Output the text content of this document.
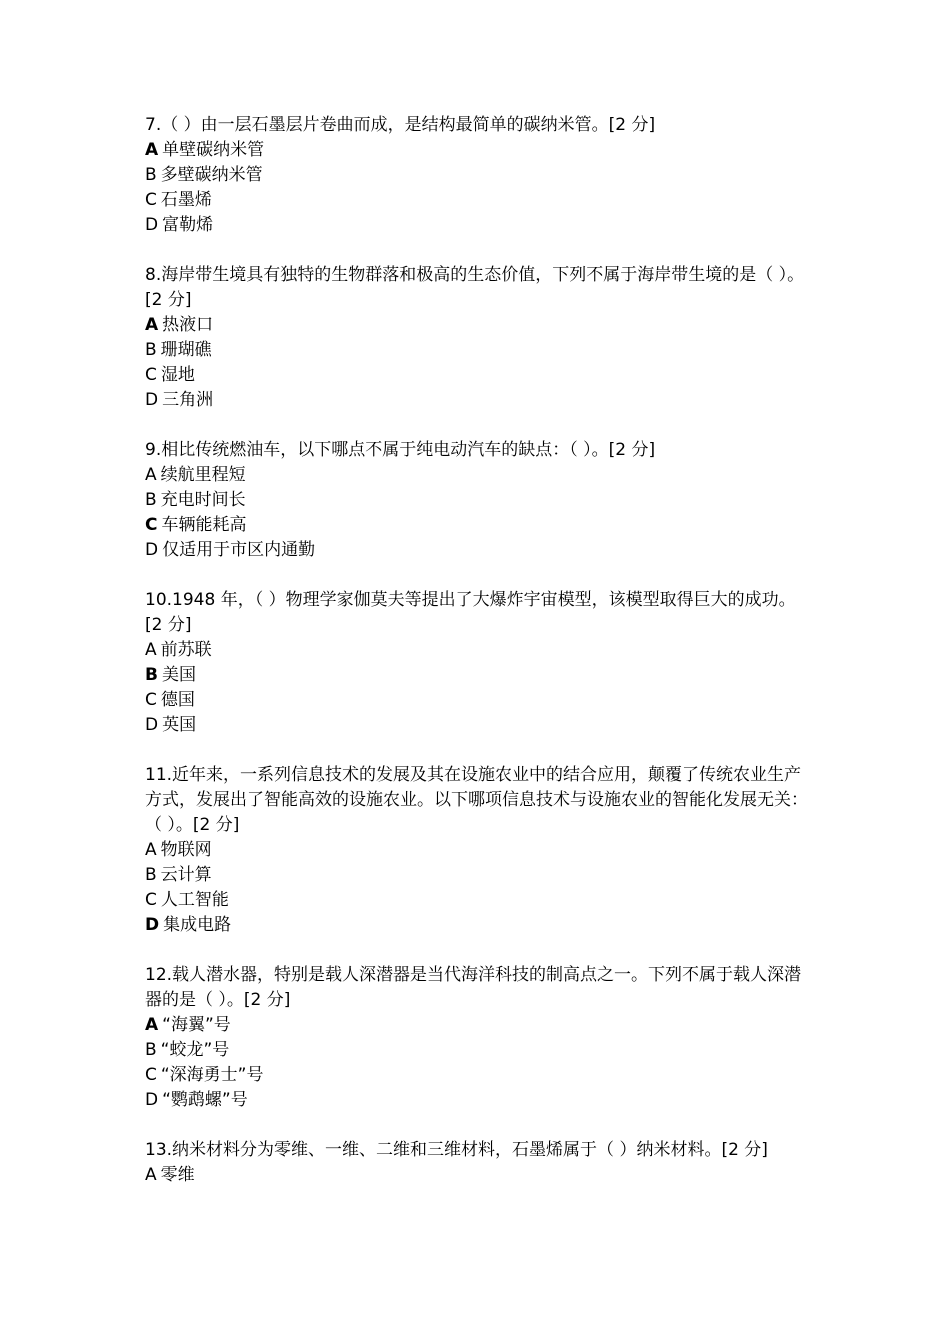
7.（ ）由一层石墨层片卷曲而成，是结构最简单的碳纳米管。[2 分]

A 单壁碳纳米管
B 多壁碳纳米管
C 石墨烯
D 富勒烯

8.海岸带生境具有独特的生物群落和极高的生态价值，下列不属于海岸带生境的是（ ）。[2 分]

A 热液口
B 珊瑚礁
C 湿地
D 三角洲

9.相比传统燃油车，以下哪点不属于纯电动汽车的缺点：（ ）。[2 分]

A 续航里程短
B 充电时间长
C 车辆能耗高
D 仅适用于市区内通勤

10.1948 年，（ ）物理学家伽莫夫等提出了大爆炸宇宙模型，该模型取得巨大的成功。[2 分]

A 前苏联
B 美国
C 德国
D 英国

11.近年来，一系列信息技术的发展及其在设施农业中的结合应用，颠覆了传统农业生产方式，发展出了智能高效的设施农业。以下哪项信息技术与设施农业的智能化发展无关：（ ）。[2 分]

A 物联网
B 云计算
C 人工智能
D 集成电路

12.载人潜水器，特别是载人深潜器是当代海洋科技的制高点之一。下列不属于载人深潜器的是（ ）。[2 分]

A “海翼”号
B “蛟龙”号
C “深海勇士”号
D “鹦鹉螺”号

13.纳米材料分为零维、一维、二维和三维材料，石墨烯属于（ ）纳米材料。[2 分]

A 零维
